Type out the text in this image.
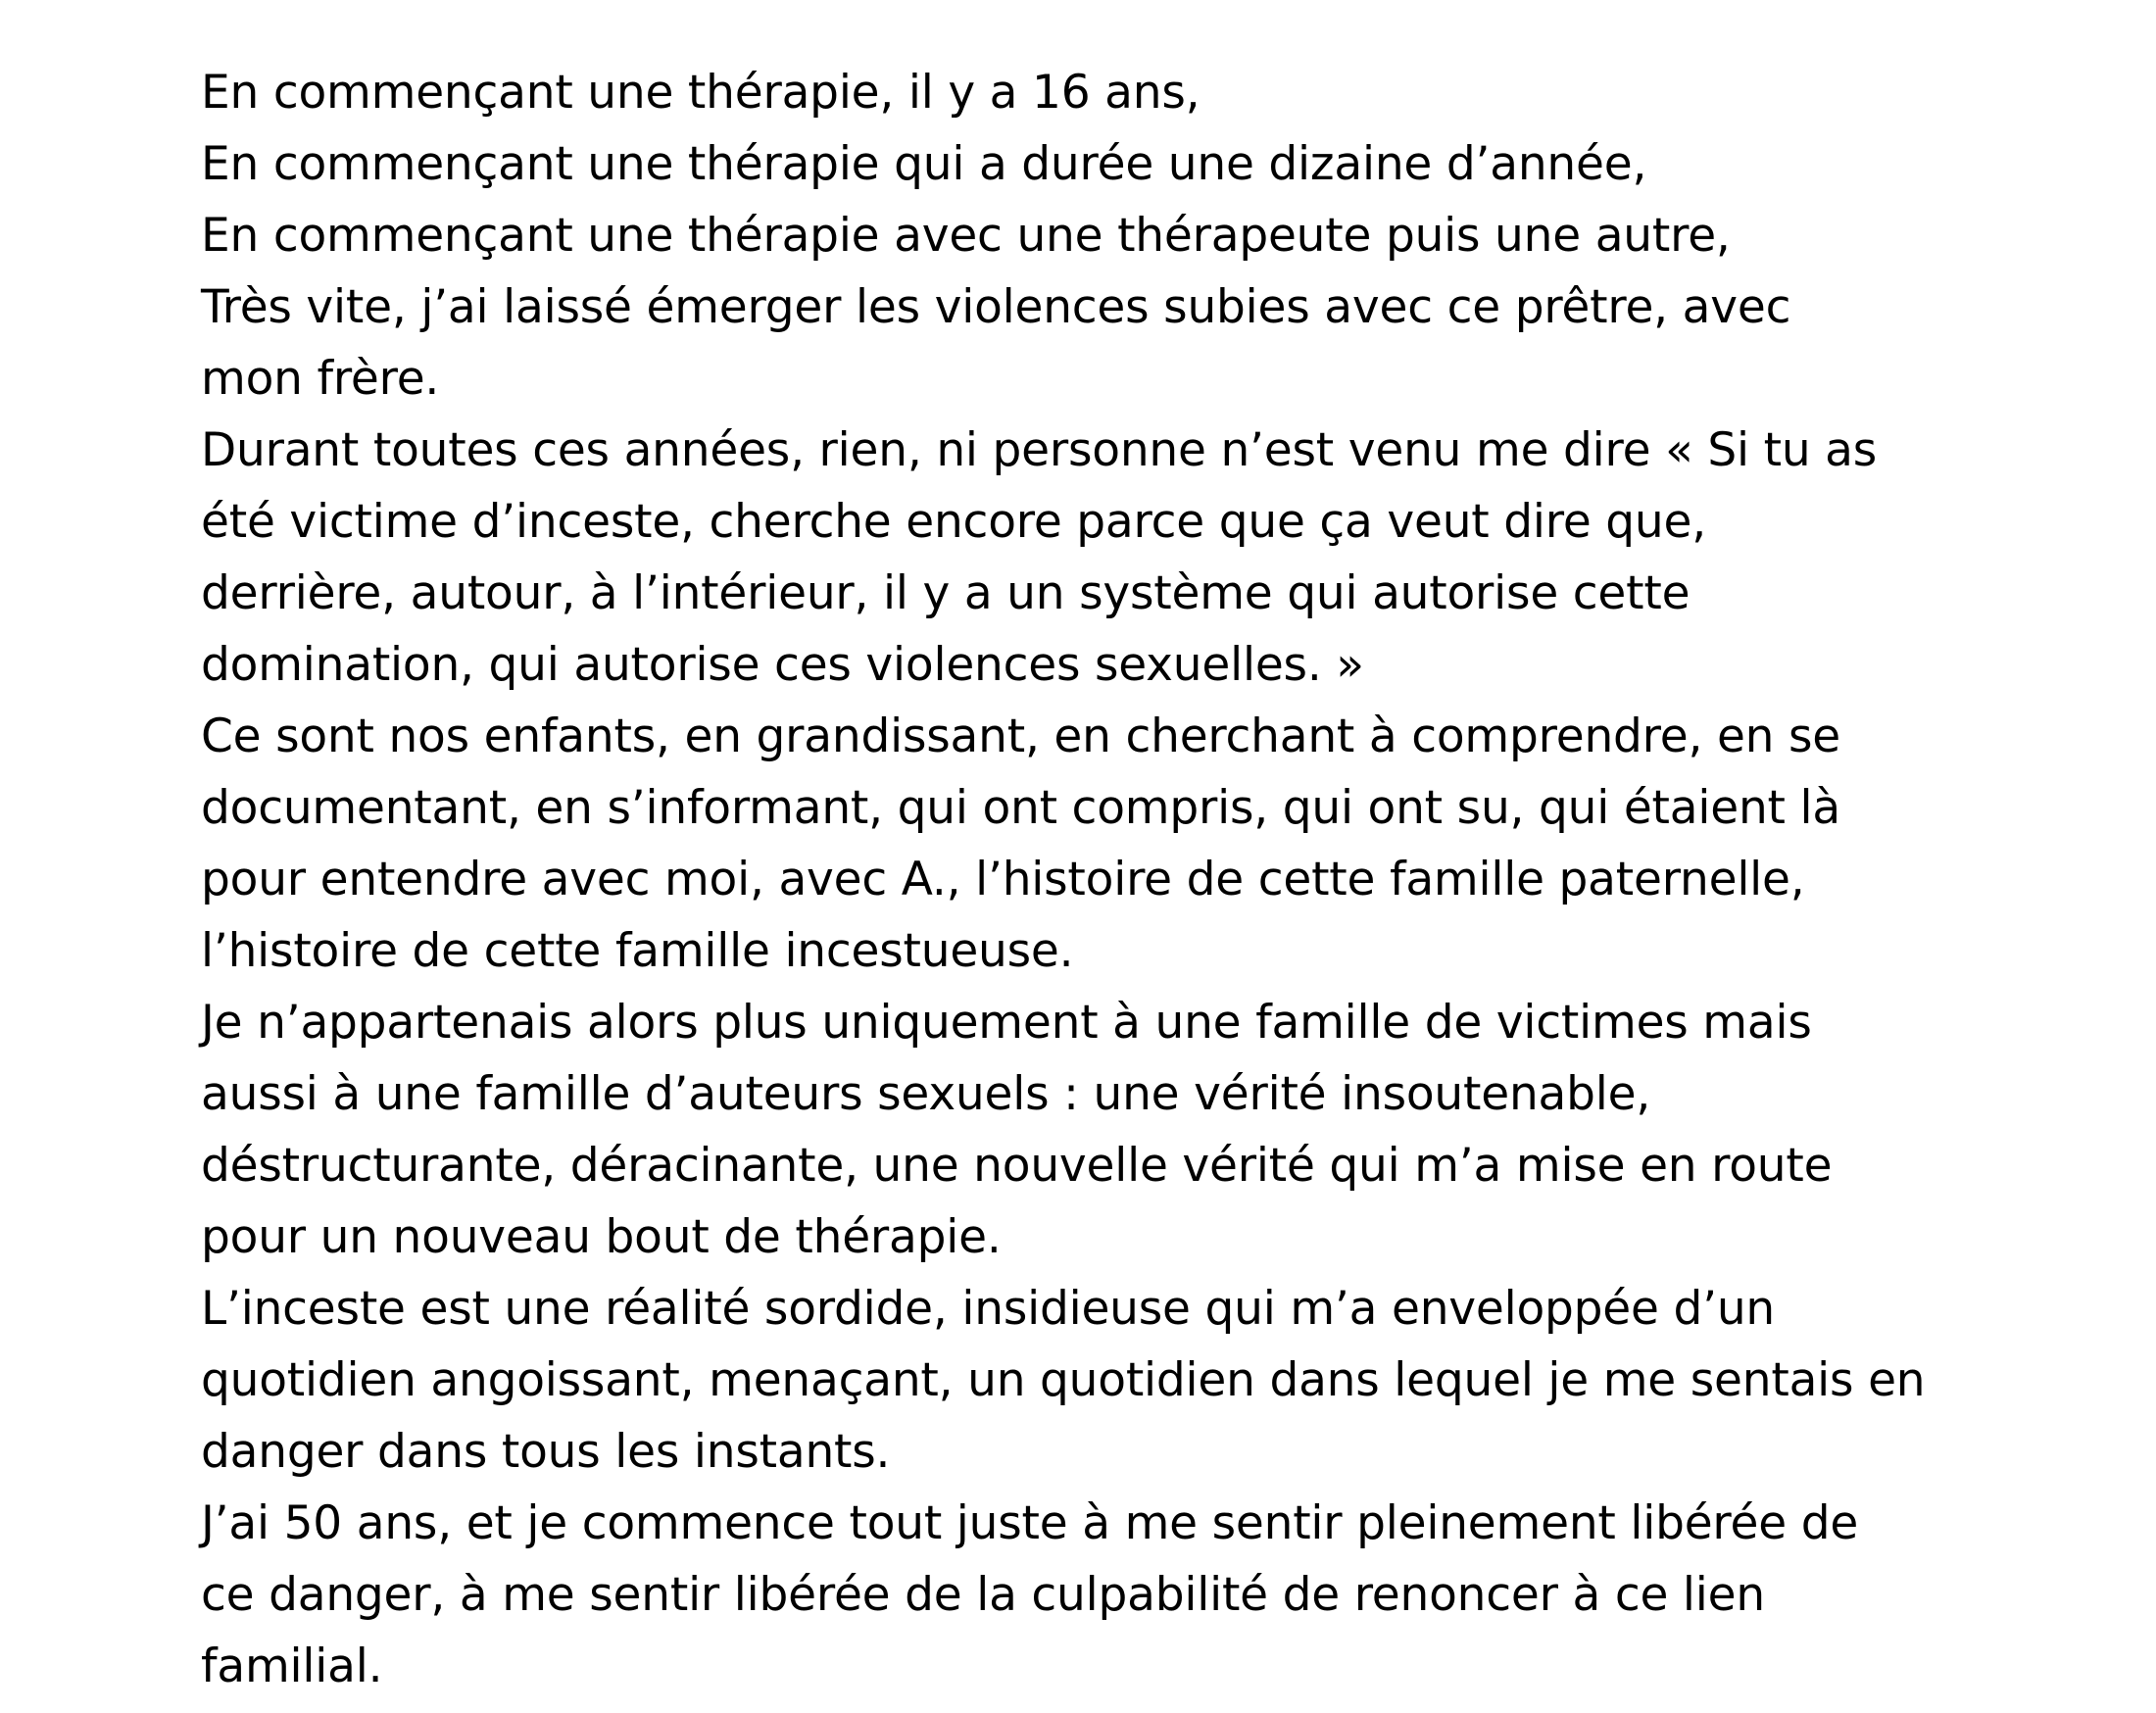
En commençant une thérapie, il y a 16 ans,
En commençant une thérapie qui a durée une dizaine d’année,
En commençant une thérapie avec une thérapeute puis une autre,
Très vite, j’ai laissé émerger les violences subies avec ce prêtre, avec
mon frère.
Durant toutes ces années, rien, ni personne n’est venu me dire « Si tu as
été victime d’inceste, cherche encore parce que ça veut dire que,
derrière, autour, à l’intérieur, il y a un système qui autorise cette
domination, qui autorise ces violences sexuelles. »
Ce sont nos enfants, en grandissant, en cherchant à comprendre, en se
documentant, en s’informant, qui ont compris, qui ont su, qui étaient là
pour entendre avec moi, avec A., l’histoire de cette famille paternelle,
l’histoire de cette famille incestueuse.
Je n’appartenais alors plus uniquement à une famille de victimes mais
aussi à une famille d’auteurs sexuels : une vérité insoutenable,
déstructurante, déracinante, une nouvelle vérité qui m’a mise en route
pour un nouveau bout de thérapie.
L’inceste est une réalité sordide, insidieuse qui m’a enveloppée d’un
quotidien angoissant, menaçant, un quotidien dans lequel je me sentais en
danger dans tous les instants.
J’ai 50 ans, et je commence tout juste à me sentir pleinement libérée de
ce danger, à me sentir libérée de la culpabilité de renoncer à ce lien
familial.
